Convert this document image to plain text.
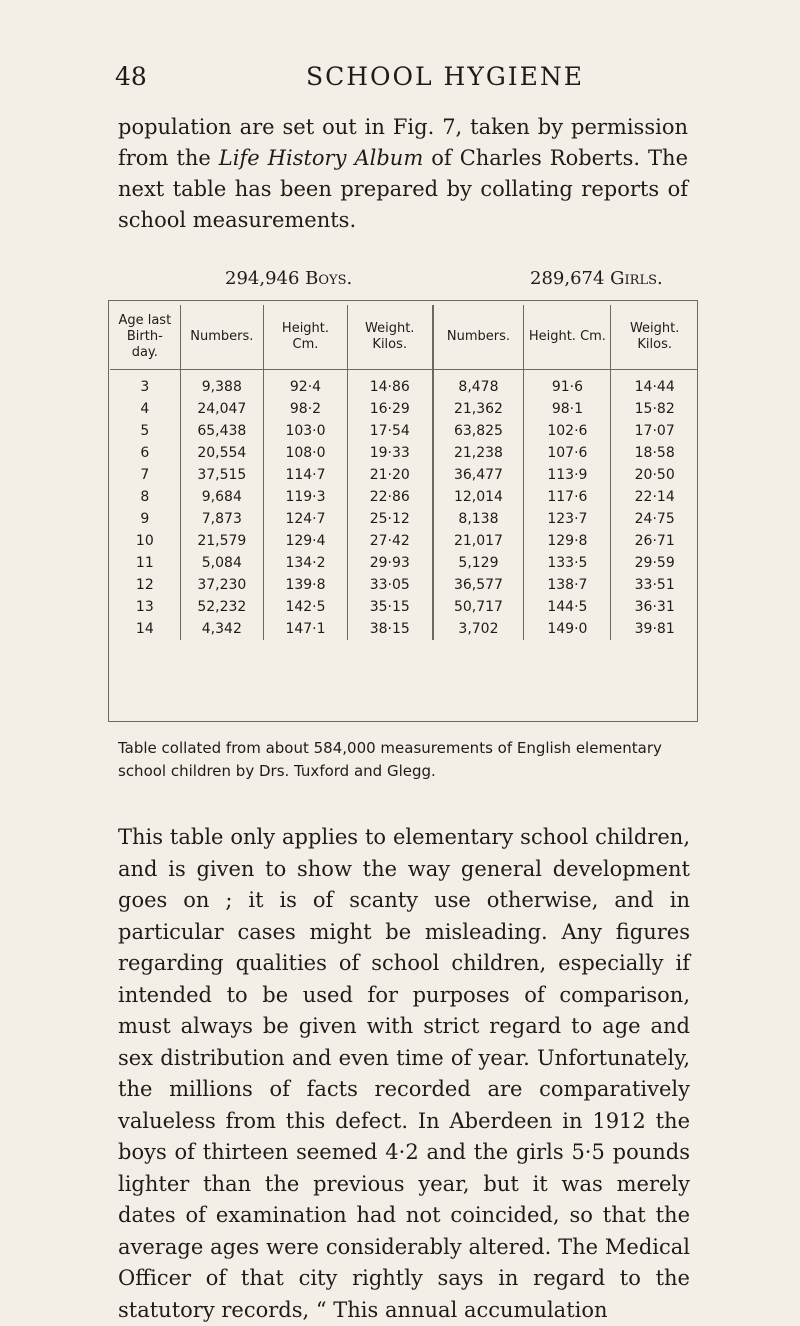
48	SCHOOL HYGIENE

population are set out in Fig. 7, taken by permission from the Life History Album of Charles Roberts. The next table has been prepared by collating reports of school measurements.

294,946 Boys.	289,674 Girls.
Age last Birth-day.	Numbers.	Height. Cm.	Weight. Kilos.	Numbers.	Height. Cm.	Weight. Kilos.
3	9,388	92·4	14·86	8,478	91·6	14·44
4	24,047	98·2	16·29	21,362	98·1	15·82
5	65,438	103·0	17·54	63,825	102·6	17·07
6	20,554	108·0	19·33	21,238	107·6	18·58
7	37,515	114·7	21·20	36,477	113·9	20·50
8	9,684	119·3	22·86	12,014	117·6	22·14
9	7,873	124·7	25·12	8,138	123·7	24·75
10	21,579	129·4	27·42	21,017	129·8	26·71
11	5,084	134·2	29·93	5,129	133·5	29·59
12	37,230	139·8	33·05	36,577	138·7	33·51
13	52,232	142·5	35·15	50,717	144·5	36·31
14	4,342	147·1	38·15	3,702	149·0	39·81

Table collated from about 584,000 measurements of English elementary school children by Drs. Tuxford and Glegg.

This table only applies to elementary school children, and is given to show the way general development goes on ; it is of scanty use otherwise, and in particular cases might be misleading. Any figures regarding qualities of school children, especially if intended to be used for purposes of comparison, must always be given with strict regard to age and sex distribution and even time of year. Unfortunately, the millions of facts recorded are comparatively valueless from this defect. In Aberdeen in 1912 the boys of thirteen seemed 4·2 and the girls 5·5 pounds lighter than the previous year, but it was merely dates of examination had not coincided, so that the average ages were considerably altered. The Medical Officer of that city rightly says in regard to the statutory records, “ This annual accumulation
